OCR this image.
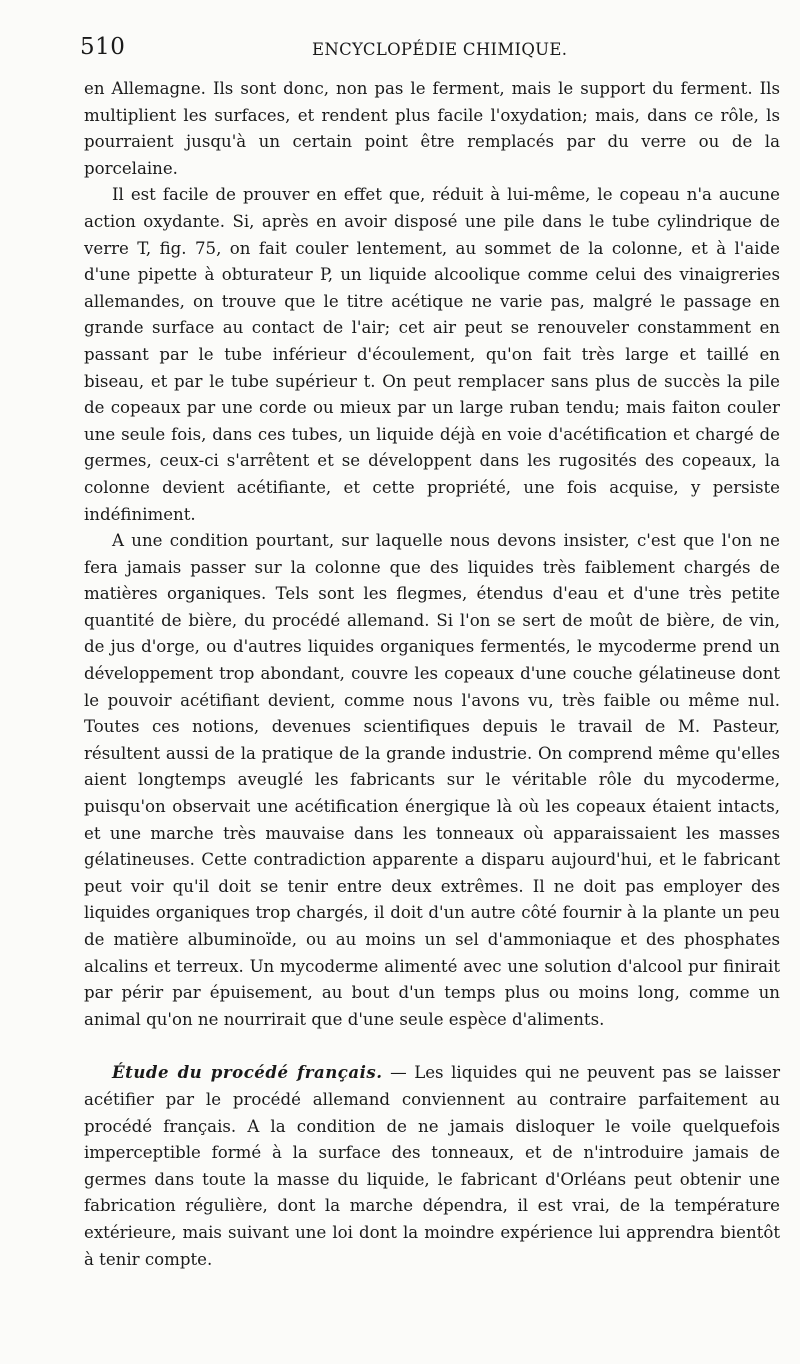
510	ENCYCLOPÉDIE CHIMIQUE.

en Allemagne. Ils sont donc, non pas le ferment, mais le support du ferment. Ils multiplient les surfaces, et rendent plus facile l'oxydation; mais, dans ce rôle, ls pourraient jusqu'à un certain point être remplacés par du verre ou de la porcelaine.

Il est facile de prouver en effet que, réduit à lui-même, le copeau n'a aucune action oxydante. Si, après en avoir disposé une pile dans le tube cylindrique de verre T, fig. 75, on fait couler lentement, au sommet de la colonne, et à l'aide d'une pipette à obturateur P, un liquide alcoolique comme celui des vinaigreries allemandes, on trouve que le titre acétique ne varie pas, malgré le passage en grande surface au contact de l'air; cet air peut se renouveler constamment en passant par le tube inférieur d'écoulement, qu'on fait très large et taillé en biseau, et par le tube supérieur t. On peut remplacer sans plus de succès la pile de copeaux par une corde ou mieux par un large ruban tendu; mais faiton couler une seule fois, dans ces tubes, un liquide déjà en voie d'acétification et chargé de germes, ceux-ci s'arrêtent et se développent dans les rugosités des copeaux, la colonne devient acétifiante, et cette propriété, une fois acquise, y persiste indéfiniment.

A une condition pourtant, sur laquelle nous devons insister, c'est que l'on ne fera jamais passer sur la colonne que des liquides très faiblement chargés de matières organiques. Tels sont les flegmes, étendus d'eau et d'une très petite quantité de bière, du procédé allemand. Si l'on se sert de moût de bière, de vin, de jus d'orge, ou d'autres liquides organiques fermentés, le mycoderme prend un développement trop abondant, couvre les copeaux d'une couche gélatineuse dont le pouvoir acétifiant devient, comme nous l'avons vu, très faible ou même nul. Toutes ces notions, devenues scientifiques depuis le travail de M. Pasteur, résultent aussi de la pratique de la grande industrie. On comprend même qu'elles aient longtemps aveuglé les fabricants sur le véritable rôle du mycoderme, puisqu'on observait une acétification énergique là où les copeaux étaient intacts, et une marche très mauvaise dans les tonneaux où apparaissaient les masses gélatineuses. Cette contradiction apparente a disparu aujourd'hui, et le fabricant peut voir qu'il doit se tenir entre deux extrêmes. Il ne doit pas employer des liquides organiques trop chargés, il doit d'un autre côté fournir à la plante un peu de matière albuminoïde, ou au moins un sel d'ammoniaque et des phosphates alcalins et terreux. Un mycoderme alimenté avec une solution d'alcool pur finirait par périr par épuisement, au bout d'un temps plus ou moins long, comme un animal qu'on ne nourrirait que d'une seule espèce d'aliments.

Étude du procédé français. — Les liquides qui ne peuvent pas se laisser acétifier par le procédé allemand conviennent au contraire parfaitement au procédé français. A la condition de ne jamais disloquer le voile quelquefois imperceptible formé à la surface des tonneaux, et de n'introduire jamais de germes dans toute la masse du liquide, le fabricant d'Orléans peut obtenir une fabrication régulière, dont la marche dépendra, il est vrai, de la température extérieure, mais suivant une loi dont la moindre expérience lui apprendra bientôt à tenir compte.
